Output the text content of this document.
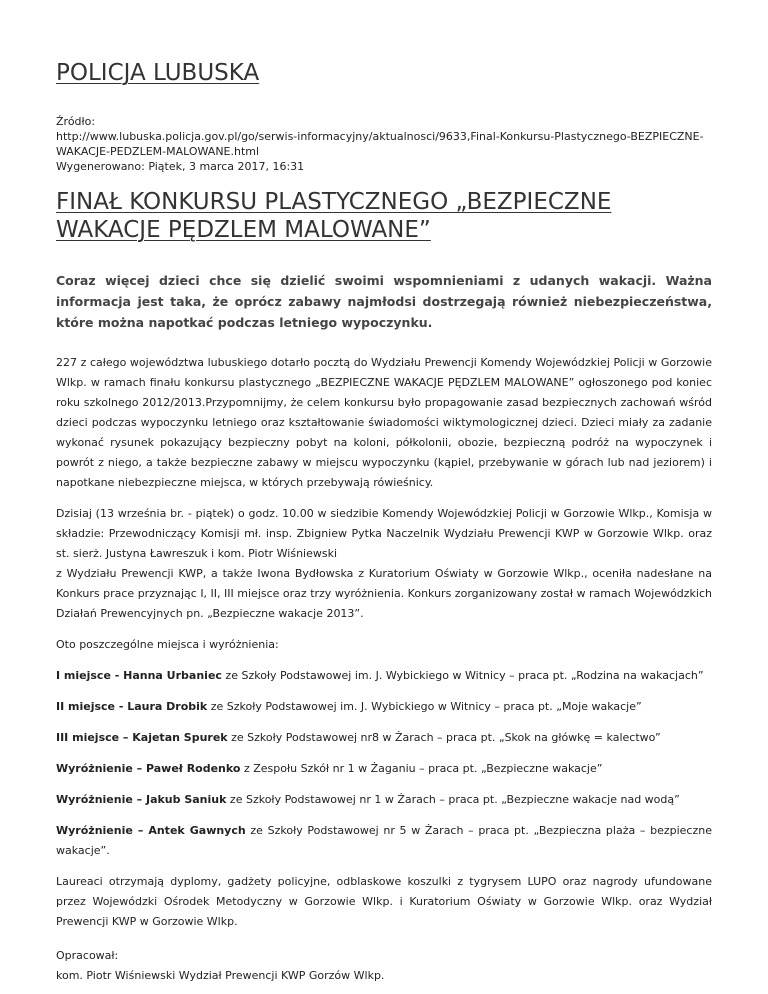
POLICJA LUBUSKA
Źródło:
http://www.lubuska.policja.gov.pl/go/serwis-informacyjny/aktualnosci/9633,Final-Konkursu-Plastycznego-BEZPIECZNE-WAKACJE-PEDZLEM-MALOWANE.html
Wygenerowano: Piątek, 3 marca 2017, 16:31
FINAŁ KONKURSU PLASTYCZNEGO „BEZPIECZNE WAKACJE PĘDZLEM MALOWANE”

Coraz więcej dzieci chce się dzielić swoimi wspomnieniami z udanych wakacji. Ważna informacja jest taka, że oprócz zabawy najmłodsi dostrzegają również niebezpieczeństwa, które można napotkać podczas letniego wypoczynku.

227 z całego województwa lubuskiego dotarło pocztą do Wydziału Prewencji Komendy Wojewódzkiej Policji w Gorzowie Wlkp. w ramach finału konkursu plastycznego „BEZPIECZNE WAKACJE PĘDZLEM MALOWANE” ogłoszonego pod koniec roku szkolnego 2012/2013.Przypomnijmy, że celem konkursu było propagowanie zasad bezpiecznych zachowań wśród dzieci podczas wypoczynku letniego oraz kształtowanie świadomości wiktymologicznej dzieci. Dzieci miały za zadanie wykonać rysunek pokazujący bezpieczny pobyt na koloni, półkolonii, obozie, bezpieczną podróż na wypoczynek i powrót z niego, a także bezpieczne zabawy w miejscu wypoczynku (kąpiel, przebywanie w górach lub nad jeziorem) i napotkane niebezpieczne miejsca, w których przebywają rówieśnicy.

Dzisiaj (13 września br. - piątek) o godz. 10.00 w siedzibie Komendy Wojewódzkiej Policji w Gorzowie Wlkp., Komisja w składzie: Przewodniczący Komisji mł. insp. Zbigniew Pytka Naczelnik Wydziału Prewencji KWP w Gorzowie Wlkp. oraz st. sierż. Justyna Ławreszuk i kom. Piotr Wiśniewski
z Wydziału Prewencji KWP, a także Iwona Bydłowska z Kuratorium Oświaty w Gorzowie Wlkp., oceniła nadesłane na Konkurs prace przyznając I, II, III miejsce oraz trzy wyróżnienia. Konkurs zorganizowany został w ramach Wojewódzkich Działań Prewencyjnych pn. „Bezpieczne wakacje 2013”.

Oto poszczególne miejsca i wyróżnienia:

I miejsce - Hanna Urbaniec ze Szkoły Podstawowej im. J. Wybickiego w Witnicy – praca pt. „Rodzina na wakacjach”

II miejsce - Laura Drobik ze Szkoły Podstawowej im. J. Wybickiego w Witnicy – praca pt. „Moje wakacje”

III miejsce – Kajetan Spurek ze Szkoły Podstawowej nr8 w Żarach – praca pt. „Skok na główkę = kalectwo”

Wyróżnienie – Paweł Rodenko z Zespołu Szkół nr 1 w Żaganiu – praca pt. „Bezpieczne wakacje”

Wyróżnienie – Jakub Saniuk ze Szkoły Podstawowej nr 1 w Żarach – praca pt. „Bezpieczne wakacje nad wodą”

Wyróżnienie – Antek Gawnych ze Szkoły Podstawowej nr 5 w Żarach – praca pt. „Bezpieczna plaża – bezpieczne wakacje”.

Laureaci otrzymają dyplomy, gadżety policyjne, odblaskowe koszulki z tygrysem LUPO oraz nagrody ufundowane przez Wojewódzki Ośrodek Metodyczny w Gorzowie Wlkp. i Kuratorium Oświaty w Gorzowie Wlkp. oraz Wydział Prewencji KWP w Gorzowie Wlkp.

Opracował:
kom. Piotr Wiśniewski Wydział Prewencji KWP Gorzów Wlkp.
